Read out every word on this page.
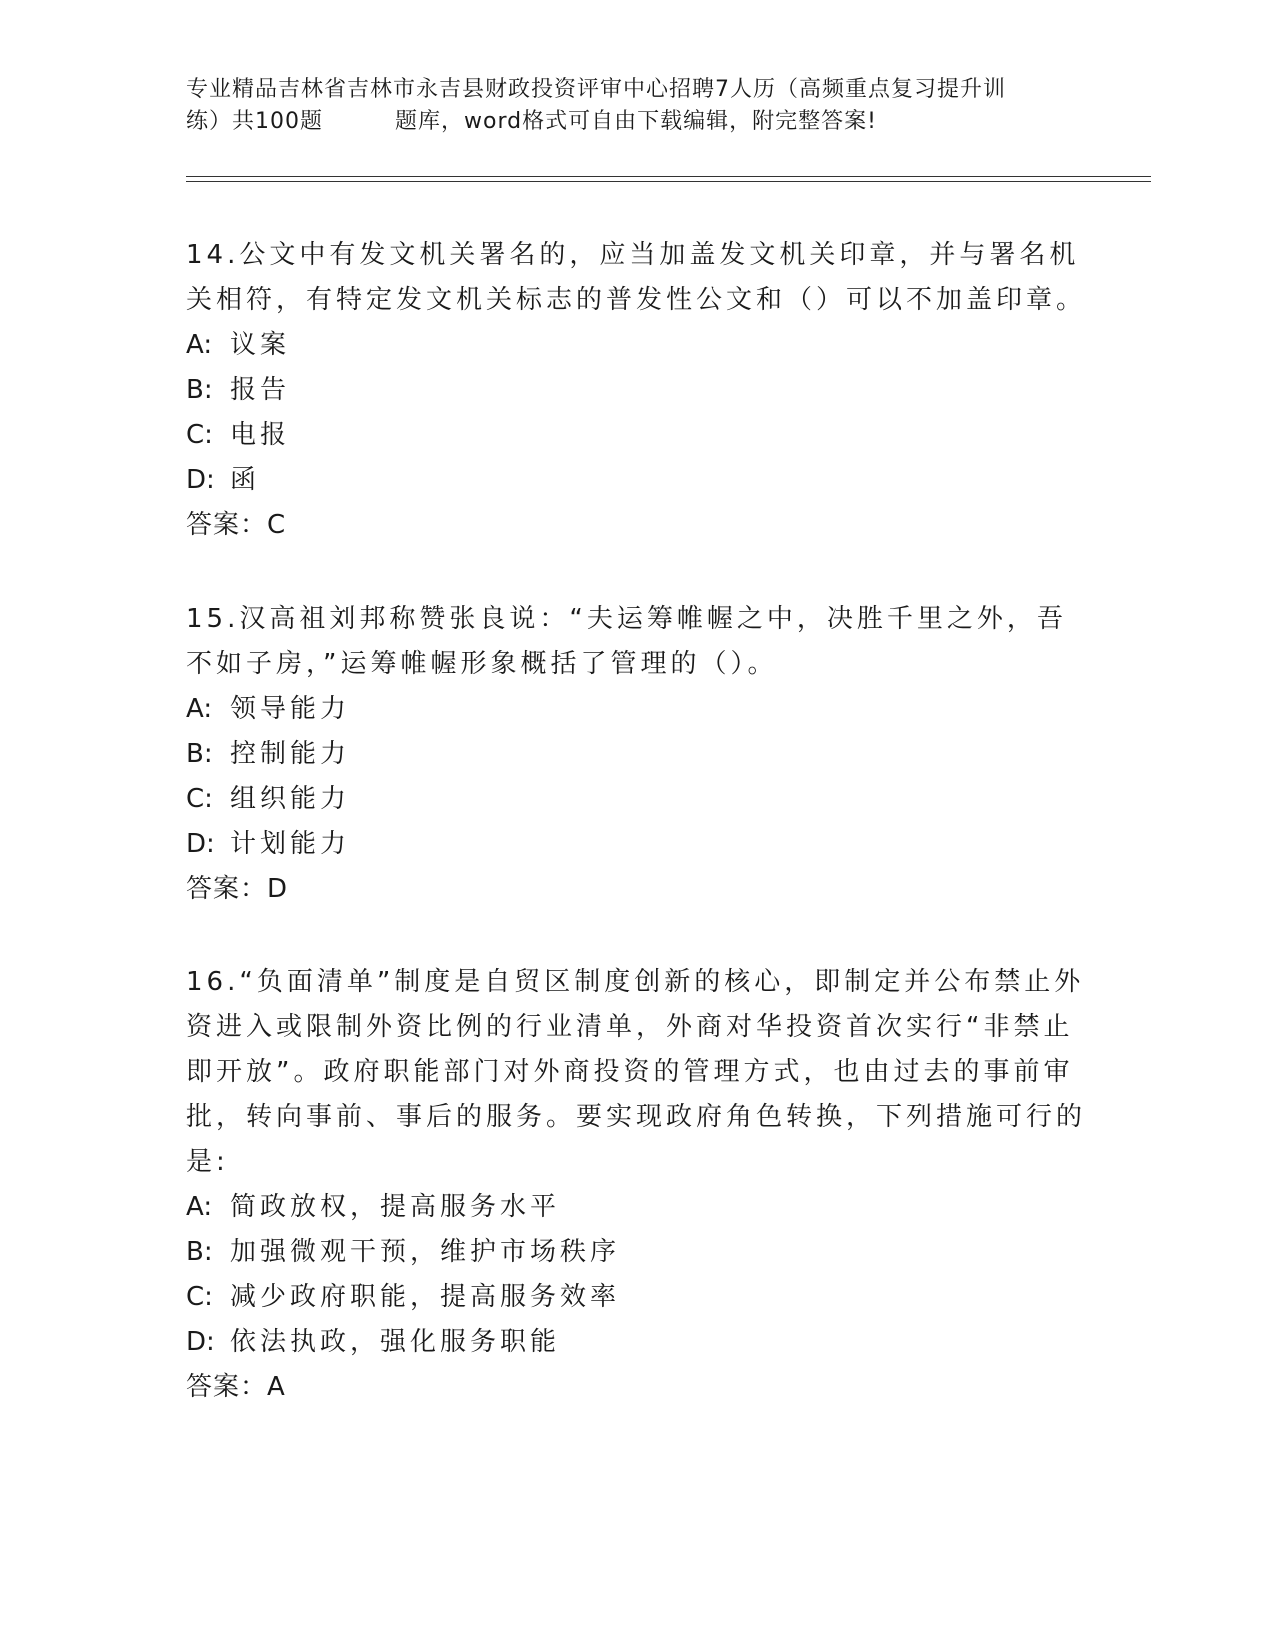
专业精品吉林省吉林市永吉县财政投资评审中心招聘7人历（高频重点复习提升训
练）共100题	题库，word格式可自由下载编辑，附完整答案!
14.公文中有发文机关署名的，应当加盖发文机关印章，并与署名机关相符，有特定发文机关标志的普发性公文和（）可以不加盖印章。
A: 议案
B: 报告
C: 电报
D: 函
答案：C
15.汉高祖刘邦称赞张良说：“夫运筹帷幄之中，决胜千里之外，吾不如子房，”运筹帷幄形象概括了管理的（）。
A: 领导能力
B: 控制能力
C: 组织能力
D: 计划能力
答案：D
16.“负面清单”制度是自贸区制度创新的核心，即制定并公布禁止外资进入或限制外资比例的行业清单，外商对华投资首次实行“非禁止即开放”。政府职能部门对外商投资的管理方式，也由过去的事前审批，转向事前、事后的服务。要实现政府角色转换，下列措施可行的是:
A: 简政放权，提高服务水平
B: 加强微观干预，维护市场秩序
C: 减少政府职能，提高服务效率
D: 依法执政，强化服务职能
答案：A
